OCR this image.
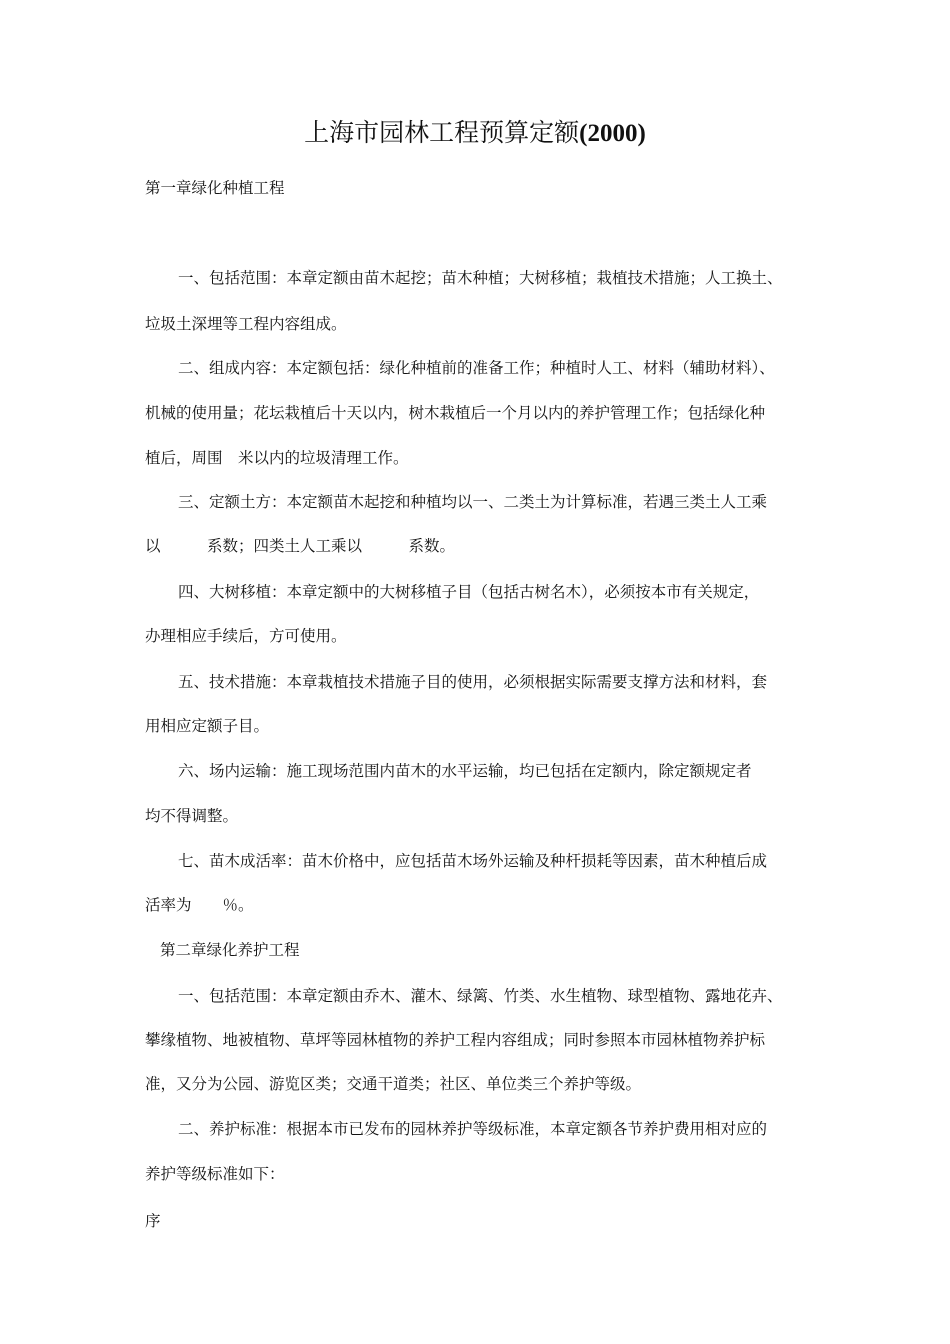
上海市园林工程预算定额(2000)
第一章绿化种植工程
一、包括范围：本章定额由苗木起挖；苗木种植；大树移植；栽植技术措施；人工换土、
垃圾土深埋等工程内容组成。
二、组成内容：本定额包括：绿化种植前的准备工作；种植时人工、材料（辅助材料）、
机械的使用量；花坛栽植后十天以内，树木栽植后一个月以内的养护管理工作；包括绿化种
植后，周围　米以内的垃圾清理工作。
三、定额土方：本定额苗木起挖和种植均以一、二类土为计算标准，若遇三类土人工乘
以　　　系数；四类土人工乘以　　　系数。
四、大树移植：本章定额中的大树移植子目（包括古树名木），必须按本市有关规定，
办理相应手续后，方可使用。
五、技术措施：本章栽植技术措施子目的使用，必须根据实际需要支撑方法和材料，套
用相应定额子目。
六、场内运输：施工现场范围内苗木的水平运输，均已包括在定额内，除定额规定者
均不得调整。
七、苗木成活率：苗木价格中，应包括苗木场外运输及种杆损耗等因素，苗木种植后成
活率为　　％。
第二章绿化养护工程
一、包括范围：本章定额由乔木、灌木、绿篱、竹类、水生植物、球型植物、露地花卉、
攀缘植物、地被植物、草坪等园林植物的养护工程内容组成；同时参照本市园林植物养护标
准，又分为公园、游览区类；交通干道类；社区、单位类三个养护等级。
二、养护标准：根据本市已发布的园林养护等级标准，本章定额各节养护费用相对应的
养护等级标准如下：
序
